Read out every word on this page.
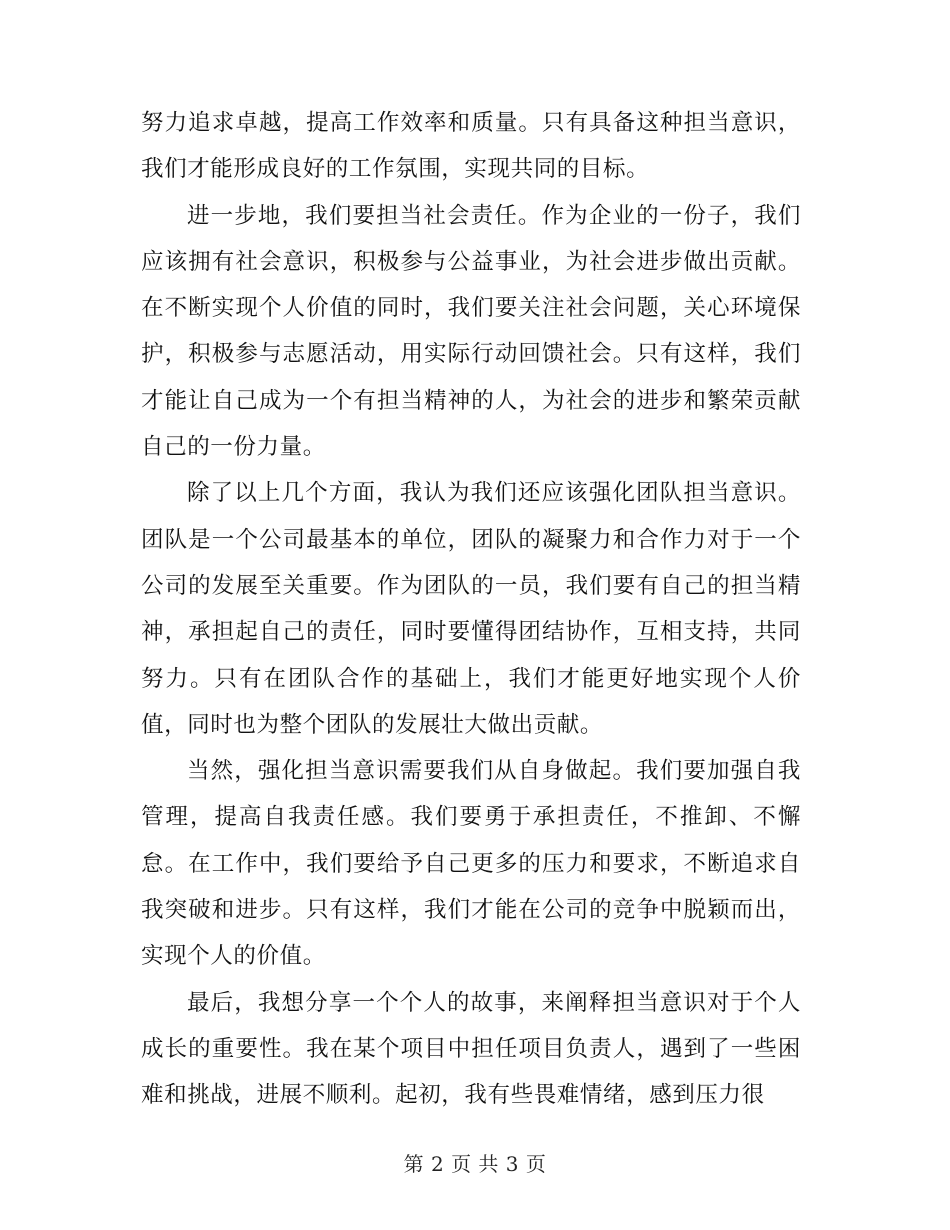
努力追求卓越，提高工作效率和质量。只有具备这种担当意识，我们才能形成良好的工作氛围，实现共同的目标。

进一步地，我们要担当社会责任。作为企业的一份子，我们应该拥有社会意识，积极参与公益事业，为社会进步做出贡献。在不断实现个人价值的同时，我们要关注社会问题，关心环境保护，积极参与志愿活动，用实际行动回馈社会。只有这样，我们才能让自己成为一个有担当精神的人，为社会的进步和繁荣贡献自己的一份力量。

除了以上几个方面，我认为我们还应该强化团队担当意识。团队是一个公司最基本的单位，团队的凝聚力和合作力对于一个公司的发展至关重要。作为团队的一员，我们要有自己的担当精神，承担起自己的责任，同时要懂得团结协作，互相支持，共同努力。只有在团队合作的基础上，我们才能更好地实现个人价值，同时也为整个团队的发展壮大做出贡献。

当然，强化担当意识需要我们从自身做起。我们要加强自我管理，提高自我责任感。我们要勇于承担责任，不推卸、不懈怠。在工作中，我们要给予自己更多的压力和要求，不断追求自我突破和进步。只有这样，我们才能在公司的竞争中脱颖而出，实现个人的价值。

最后，我想分享一个个人的故事，来阐释担当意识对于个人成长的重要性。我在某个项目中担任项目负责人，遇到了一些困难和挑战，进展不顺利。起初，我有些畏难情绪，感到压力很

第 2 页 共 3 页
